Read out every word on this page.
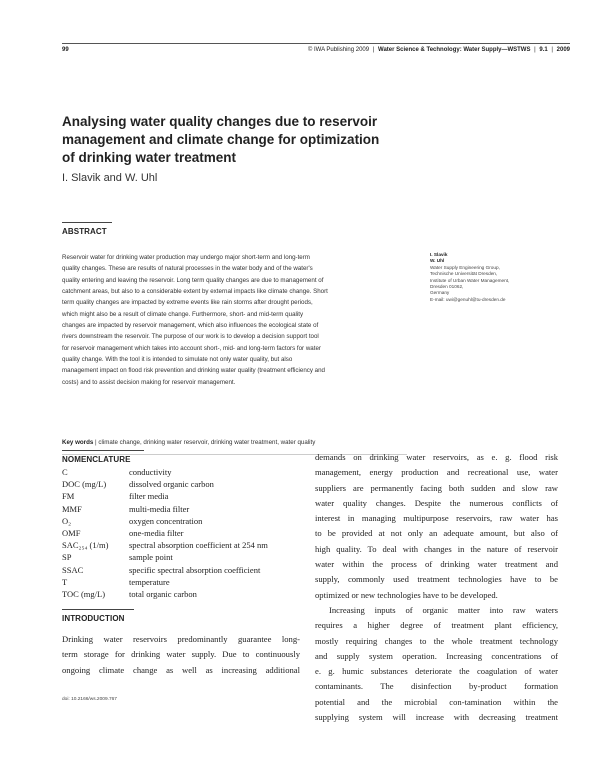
99	© IWA Publishing 2009 | Water Science & Technology: Water Supply—WSTWS | 9.1 | 2009
Analysing water quality changes due to reservoir
management and climate change for optimization
of drinking water treatment
I. Slavik and W. Uhl
ABSTRACT
Reservoir water for drinking water production may undergo major short-term and long-term
quality changes. These are results of natural processes in the water body and of the water's
quality entering and leaving the reservoir. Long term quality changes are due to management of
catchment areas, but also to a considerable extent by external impacts like climate change. Short
term quality changes are impacted by extreme events like rain storms after drought periods,
which might also be a result of climate change. Furthermore, short- and mid-term quality
changes are impacted by reservoir management, which also influences the ecological state of
rivers downstream the reservoir. The purpose of our work is to develop a decision support tool
for reservoir management which takes into account short-, mid- and long-term factors for water
quality change. With the tool it is intended to simulate not only water quality, but also
management impact on flood risk prevention and drinking water quality (treatment efficiency and
costs) and to assist decision making for reservoir management.
Key words | climate change, drinking water reservoir, drinking water treatment, water quality
I. Slavik
W. Uhl
Water Supply Engineering Group,
Technische Universität Dresden,
Institute of Urban Water Management,
Dresden 01062,
Germany
E-mail: uwi@genuhl@tu-dresden.de
NOMENCLATURE
C	conductivity
DOC (mg/L)	dissolved organic carbon
FM	filter media
MMF	multi-media filter
O₂	oxygen concentration
OMF	one-media filter
SAC₂₅₄ (1/m) spectral absorption coefficient at 254 nm
SP	sample point
SSAC	specific spectral absorption coefficient
T	temperature
TOC (mg/L)	total organic carbon
INTRODUCTION
Drinking water reservoirs predominantly guarantee long-
term storage for drinking water supply. Due to continuously
ongoing climate change as well as increasing additional
doi: 10.2166/ws.2009.767
demands on drinking water reservoirs, as e. g. flood risk
management, energy production and recreational use, water
suppliers are permanently facing both sudden and slow raw
water quality changes. Despite the numerous conflicts of
interest in managing multipurpose reservoirs, raw water has
to be provided at not only an adequate amount, but also of
high quality. To deal with changes in the nature of reservoir
water within the process of drinking water treatment and
supply, commonly used treatment technologies have to be
optimized or new technologies have to be developed.
Increasing inputs of organic matter into raw waters
requires a higher degree of treatment plant efficiency,
mostly requiring changes to the whole treatment technology
and supply system operation. Increasing concentrations of
e. g. humic substances deteriorate the coagulation of water
contaminants. The disinfection by-product formation
potential and the microbial con-tamination within the
supplying system will increase with decreasing treatment
